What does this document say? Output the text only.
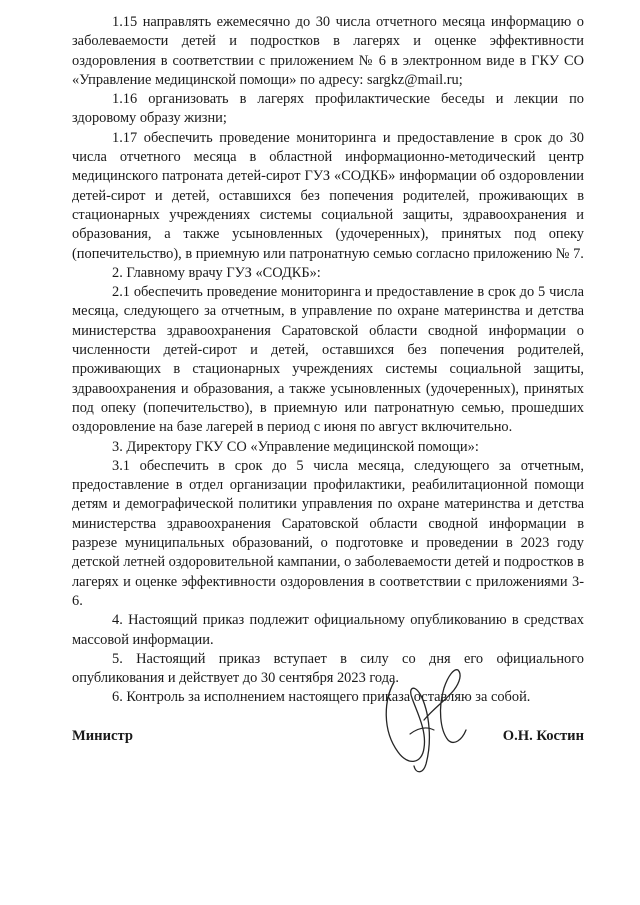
1.15 направлять ежемесячно до 30 числа отчетного месяца информацию о заболеваемости детей и подростков в лагерях и оценке эффективности оздоровления в соответствии с приложением № 6 в электронном виде в ГКУ СО «Управление медицинской помощи» по адресу: sargkz@mail.ru;

1.16 организовать в лагерях профилактические беседы и лекции по здоровому образу жизни;

1.17 обеспечить проведение мониторинга и предоставление в срок до 30 числа отчетного месяца в областной информационно-методический центр медицинского патроната детей-сирот ГУЗ «СОДКБ» информации об оздоровлении детей-сирот и детей, оставшихся без попечения родителей, проживающих в стационарных учреждениях системы социальной защиты, здравоохранения и образования, а также усыновленных (удочеренных), принятых под опеку (попечительство), в приемную или патронатную семью согласно приложению № 7.

2. Главному врачу ГУЗ «СОДКБ»:

2.1 обеспечить проведение мониторинга и предоставление в срок до 5 числа месяца, следующего за отчетным, в управление по охране материнства и детства министерства здравоохранения Саратовской области сводной информации о численности детей-сирот и детей, оставшихся без попечения родителей, проживающих в стационарных учреждениях системы социальной защиты, здравоохранения и образования, а также усыновленных (удочеренных), принятых под опеку (попечительство), в приемную или патронатную семью, прошедших оздоровление на базе лагерей в период с июня по август включительно.

3. Директору ГКУ СО «Управление медицинской помощи»:

3.1 обеспечить в срок до 5 числа месяца, следующего за отчетным, предоставление в отдел организации профилактики, реабилитационной помощи детям и демографической политики управления по охране материнства и детства министерства здравоохранения Саратовской области сводной информации в разрезе муниципальных образований, о подготовке и проведении в 2023 году детской летней оздоровительной кампании, о заболеваемости детей и подростков в лагерях и оценке эффективности оздоровления в соответствии с приложениями 3-6.

4. Настоящий приказ подлежит официальному опубликованию в средствах массовой информации.

5. Настоящий приказ вступает в силу со дня его официального опубликования и действует до 30 сентября 2023 года.

6. Контроль за исполнением настоящего приказа оставляю за собой.

Министр	О.Н. Костин
